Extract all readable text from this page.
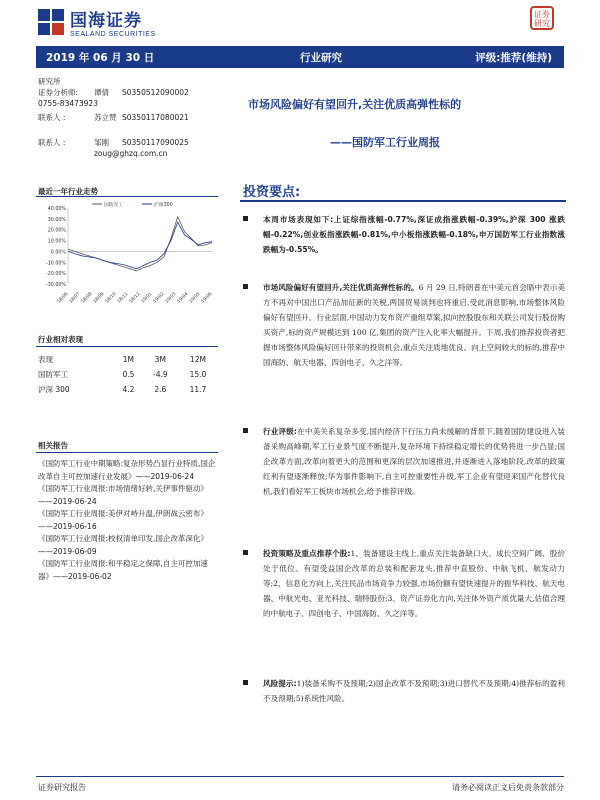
国海证券
SEALAND SECURITIES
证券研究
2019 年 06 月 30 日	行业研究	评级:推荐(维持)
研究所
证券分析师:	谭倩	S0350512090002
0755-83473923
联系人 :	苏立赞 S0350117080021
联系人 :	邹刚	S0350117090025
zoug@ghzq.com.cn
市场风险偏好有望回升,关注优质高弹性标的
——国防军工行业周报
最近一年行业走势
40.00%
30.00%
20.00%
10.00%
0.00%
-10.00%
-20.00%
-30.00%
18/06 18/07 18/08 18/09 18/10 18/11 18/12 19/01 19/02 19/03 19/04 19/05 19/06
国防军工	沪深300
行业相对表现
表现	1M	3M	12M
国防军工	0.5	-4.9	15.0
沪深 300	4.2	2.6	11.7
相关报告

《国防军工行业中期策略:复杂形势凸显行业特质,国企改革自主可控加速行业发展》——2019-06-24

《国防军工行业周报:市场情绪好转,关伊事件驱动》——2019-06-24

《国防军工行业周报:美伊对峙升温,伊朗战云密布》——2019-06-16

《国防军工行业周报:校权清单印发,国企改革深化》——2019-06-09

《国防军工行业周报:和平稳定之保障,自主可控加速器》——2019-06-02

投资要点:
本周市场表现如下:上证综指涨幅-0.77%,深证成指涨跌幅-0.39%,沪深 300 涨跌幅-0.22%,创业板指涨跌幅-0.81%,中小板指涨跌幅-0.18%,申万国防军工行业指数涨跌幅为-0.55%。
市场风险偏好有望回升,关注优质高弹性标的。6 月 29 日,特朗普在中美元首会晤中表示美方不再对中国出口产品加征新的关税,两国贸易谈判也将重启,受此消息影响,市场整体风险偏好有望回升。行业层面,中国动力发布资产重组草案,拟向控股股东和关联公司发行股份购买资产,标的资产规模达到 100 亿,集团的资产注入化率大幅提升。下周,我们推荐投资者把握市场整体风险偏好回升带来的投资机会,重点关注质地优良、向上空间较大的标的,推荐中国海防、航天电器、四创电子、久之洋等。
行业评级:在中美关系复杂多变,国内经济下行压力尚未缓解的背景下,随着国防建设进入装备采购高峰期,军工行业景气度不断提升,复杂环境下持续稳定增长的优势将进一步凸显;国企改革方面,改革向着更大的范围和更深的层次加速推进,并逐渐进入落地阶段,改革的政策红利有望逐渐释放;华为事件影响下,自主可控重要性升级,军工企业有望迎来国产化替代良机,我们看好军工板块市场机会,给予推荐评级。
投资策略及重点推荐个股:1、装备建设主线上,重点关注装备缺口大、成长空间广阔、股价处于低位、有望受益国企改革的总装和配套龙头,推荐中直股份、中航飞机、航发动力等;2、信息化方向上,关注民品市场竞争力较强,市场份额有望快速提升的振华科技、航天电器、中航光电、亚光科技、瑞特股份;3、资产证券化方向,关注体外资产质优量大,估值合理的中航电子、四创电子、中国海防、久之洋等。
风险提示:1)装备采购不及预期;2)国企改革不及预期;3)进口替代不及预期;4)推荐标的盈利不及预期;5)系统性风险。
证券研究报告	请务必阅读正文后免责条款部分
